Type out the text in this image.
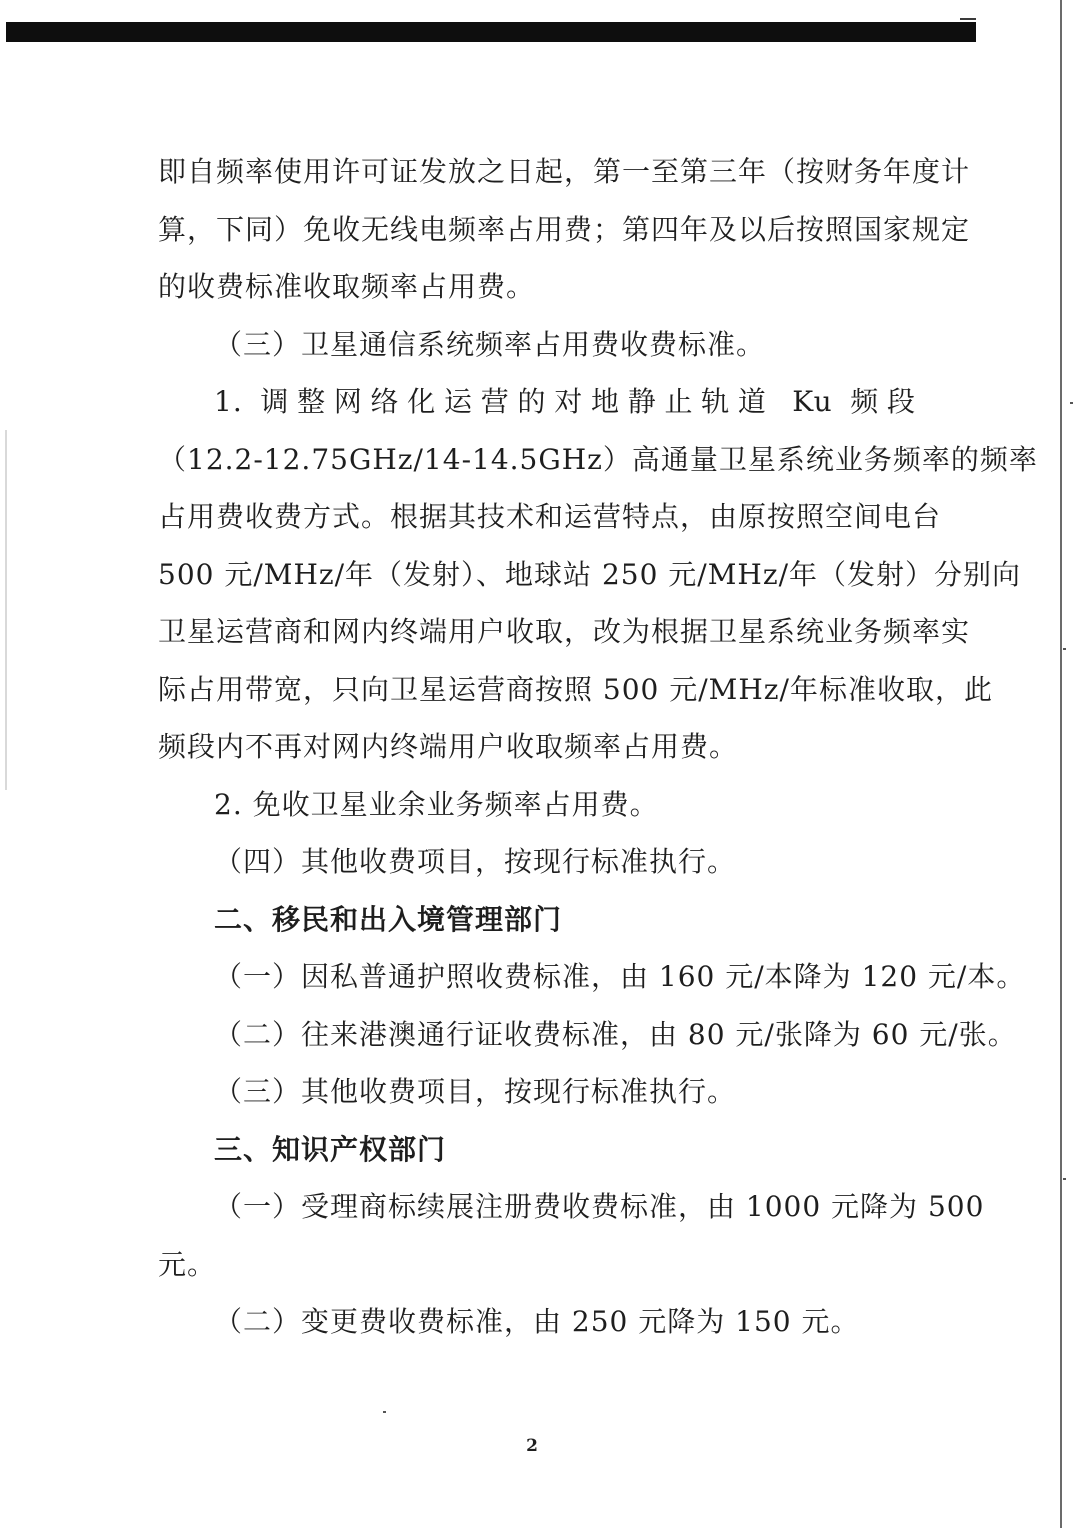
即自频率使用许可证发放之日起，第一至第三年（按财务年度计
算，下同）免收无线电频率占用费；第四年及以后按照国家规定
的收费标准收取频率占用费。
（三）卫星通信系统频率占用费收费标准。
1. 调整网络化运营的对地静止轨道 Ku 频段
（12.2-12.75GHz/14-14.5GHz）高通量卫星系统业务频率的频率
占用费收费方式。根据其技术和运营特点，由原按照空间电台
500 元/MHz/年（发射）、地球站 250 元/MHz/年（发射）分别向
卫星运营商和网内终端用户收取，改为根据卫星系统业务频率实
际占用带宽，只向卫星运营商按照 500 元/MHz/年标准收取，此
频段内不再对网内终端用户收取频率占用费。
2. 免收卫星业余业务频率占用费。
（四）其他收费项目，按现行标准执行。
二、移民和出入境管理部门
（一）因私普通护照收费标准，由 160 元/本降为 120 元/本。
（二）往来港澳通行证收费标准，由 80 元/张降为 60 元/张。
（三）其他收费项目，按现行标准执行。
三、知识产权部门
（一）受理商标续展注册费收费标准，由 1000 元降为 500
元。
（二）变更费收费标准，由 250 元降为 150 元。
2
